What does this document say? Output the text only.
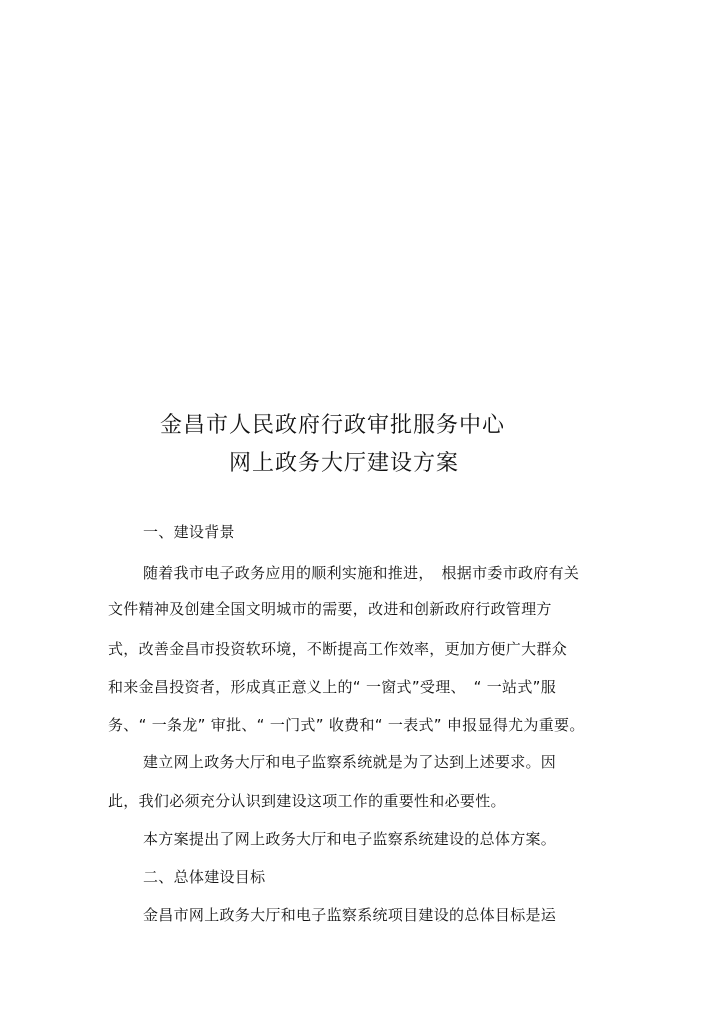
金昌市人民政府行政审批服务中心
网上政务大厅建设方案
一、建设背景
随着我市电子政务应用的顺利实施和推进，　根据市委市政府有关
文件精神及创建全国文明城市的需要，改进和创新政府行政管理方
式，改善金昌市投资软环境，不断提高工作效率，更加方便广大群众
和来金昌投资者，形成真正意义上的“ 一窗式”受理、　“ 一站式”服
务、“ 一条龙” 审批、“ 一门式” 收费和“ 一表式” 申报显得尤为重要。
建立网上政务大厅和电子监察系统就是为了达到上述要求。因
此，我们必须充分认识到建设这项工作的重要性和必要性。
本方案提出了网上政务大厅和电子监察系统建设的总体方案。
二、总体建设目标
金昌市网上政务大厅和电子监察系统项目建设的总体目标是运
